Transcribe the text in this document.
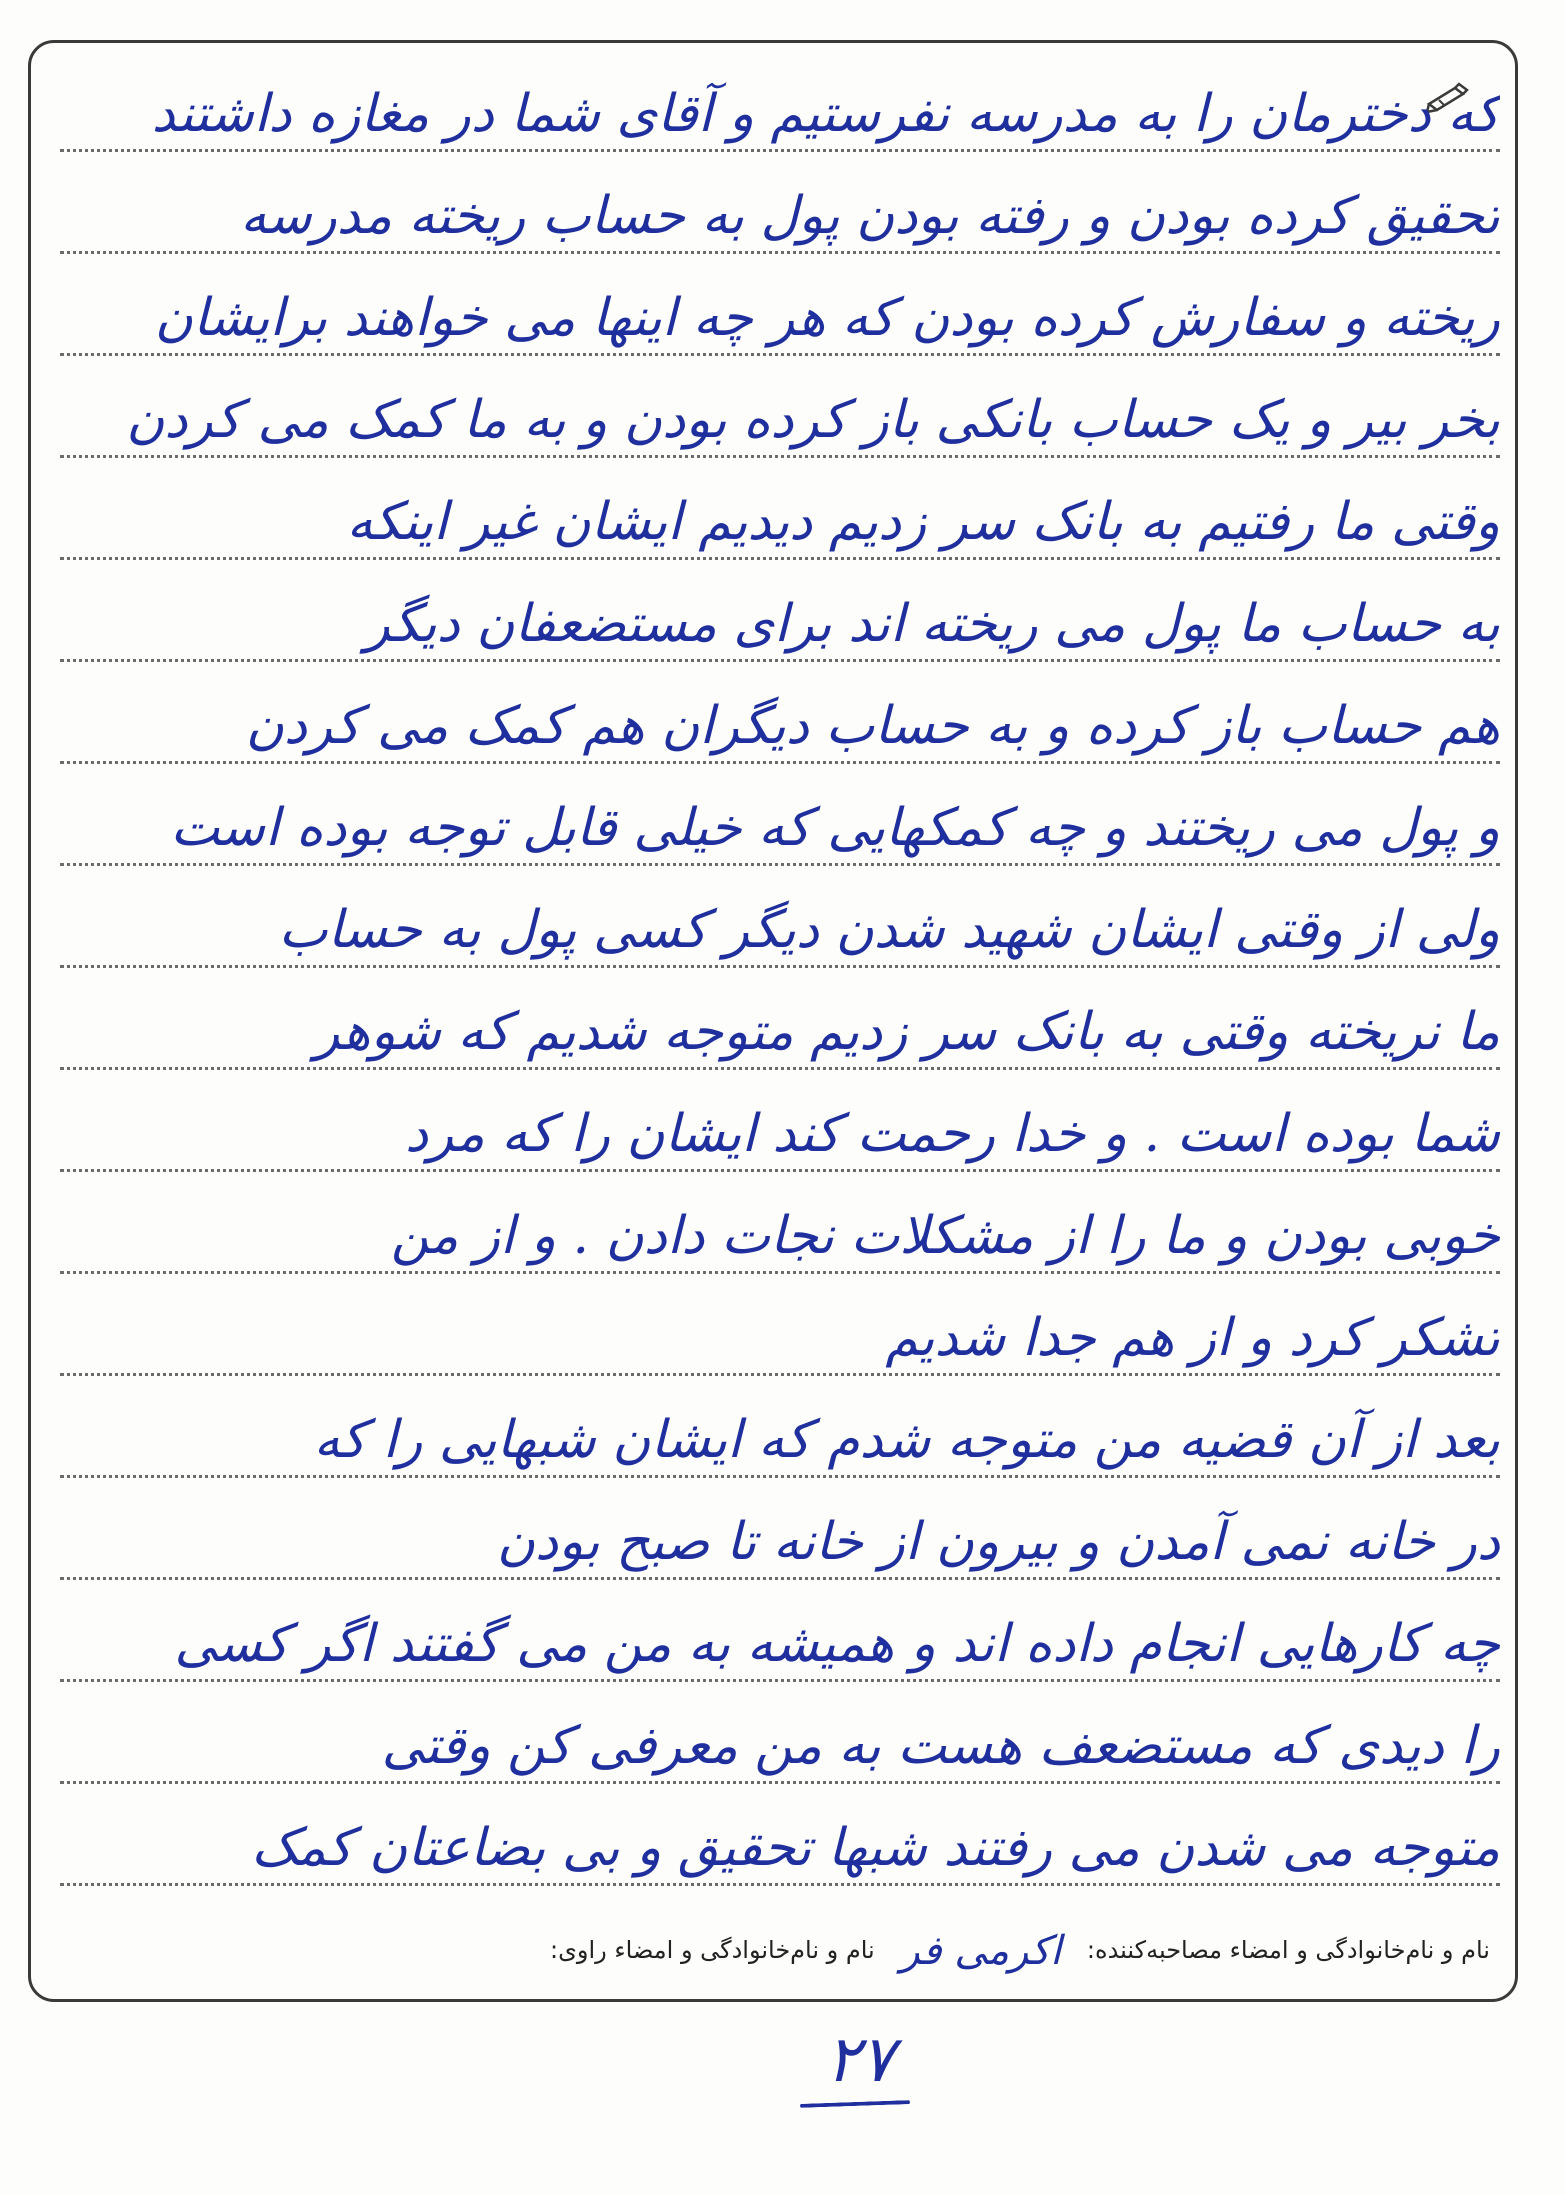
که دخترمان را به مدرسه نفرستیم و آقای شما در مغازه داشتند
تحقیق کرده بودن و رفته بودن پول به حساب ریخته مدرسه
ریخته و سفارش کرده بودن که هر چه اینها می خواهند برایشان
بخر بیر و یک حساب بانکی باز کرده بودن و به ما کمک می کردن
وقتی ما رفتیم به بانک سر زدیم دیدیم ایشان غیر اینکه
به حساب ما پول می ریخته اند برای مستضعفان دیگر
هم حساب باز کرده و به حساب دیگران هم کمک می کردن
و پول می ریختند و چه کمکهایی که خیلی قابل توجه بوده است
ولی از وقتی ایشان شهید شدن دیگر کسی پول به حساب
ما نریخته وقتی به بانک سر زدیم متوجه شدیم که شوهر
شما بوده است . و خدا رحمت کند ایشان را که مرد
خوبی بودن و ما را از مشکلات نجات دادن . و از من
تشکر کرد و از هم جدا شدیم
بعد از آن قضیه من متوجه شدم که ایشان شبهایی را که
در خانه نمی آمدن و بیرون از خانه تا صبح بودن
چه کارهایی انجام داده اند و همیشه به من می گفتند اگر کسی
را دیدی که مستضعف هست به من معرفی کن وقتی
متوجه می شدن می رفتند شبها تحقیق و بی بضاعتان کمک
نام و نام‌خانوادگی و امضاء مصاحبه‌کننده: اکرمی فر نام و نام‌خانوادگی و امضاء راوی:
۲۷
